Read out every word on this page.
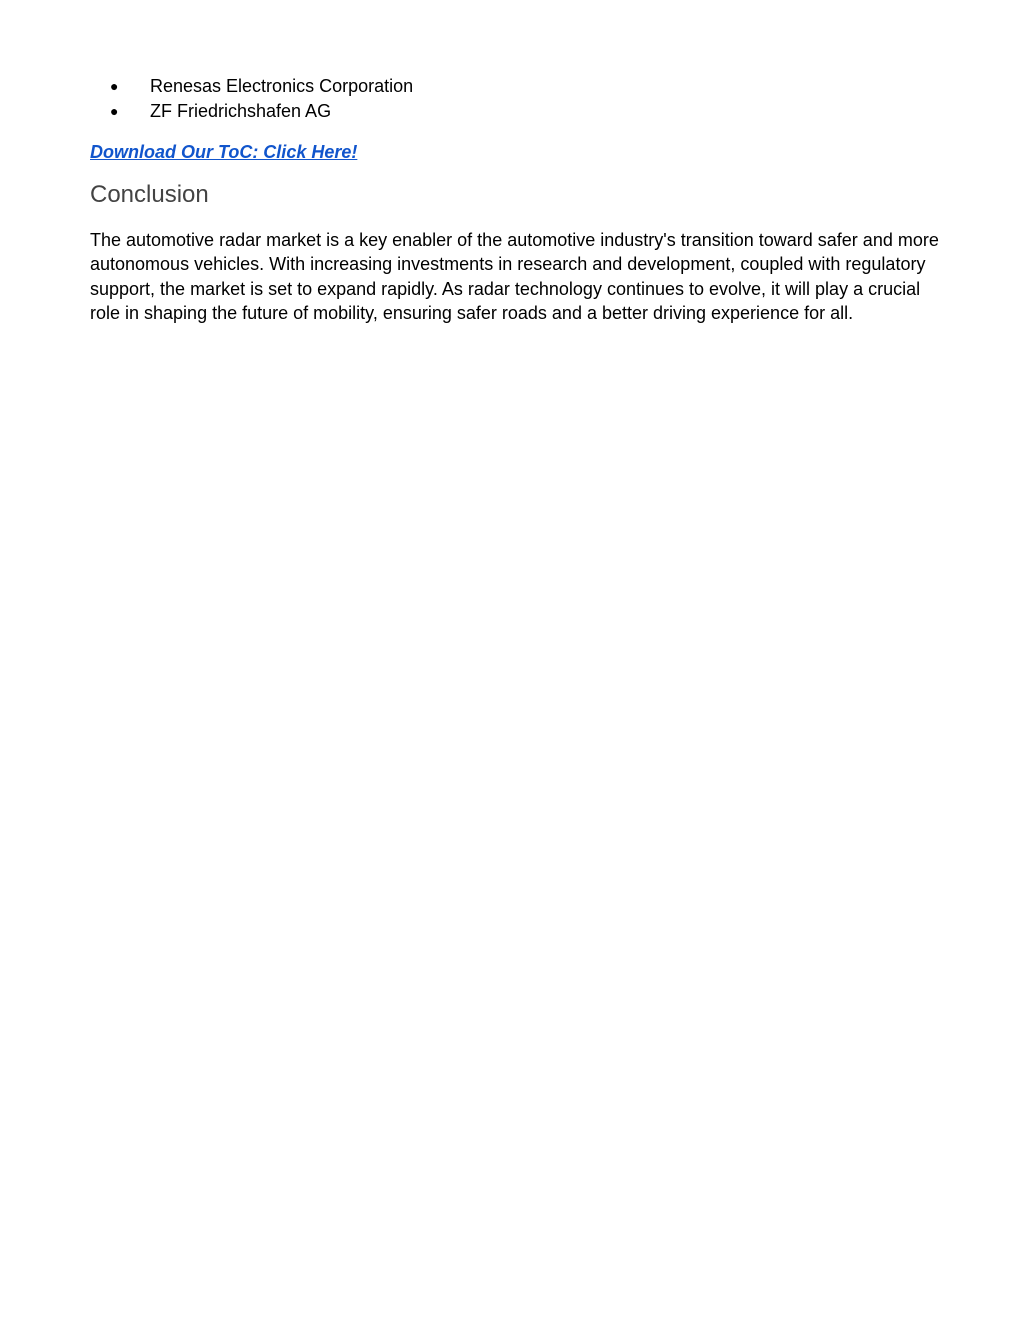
●	Renesas Electronics Corporation
●	ZF Friedrichshafen AG
Download Our ToC: Click Here!
Conclusion

The automotive radar market is a key enabler of the automotive industry's transition toward safer and more autonomous vehicles. With increasing investments in research and development, coupled with regulatory support, the market is set to expand rapidly. As radar technology continues to evolve, it will play a crucial role in shaping the future of mobility, ensuring safer roads and a better driving experience for all.
